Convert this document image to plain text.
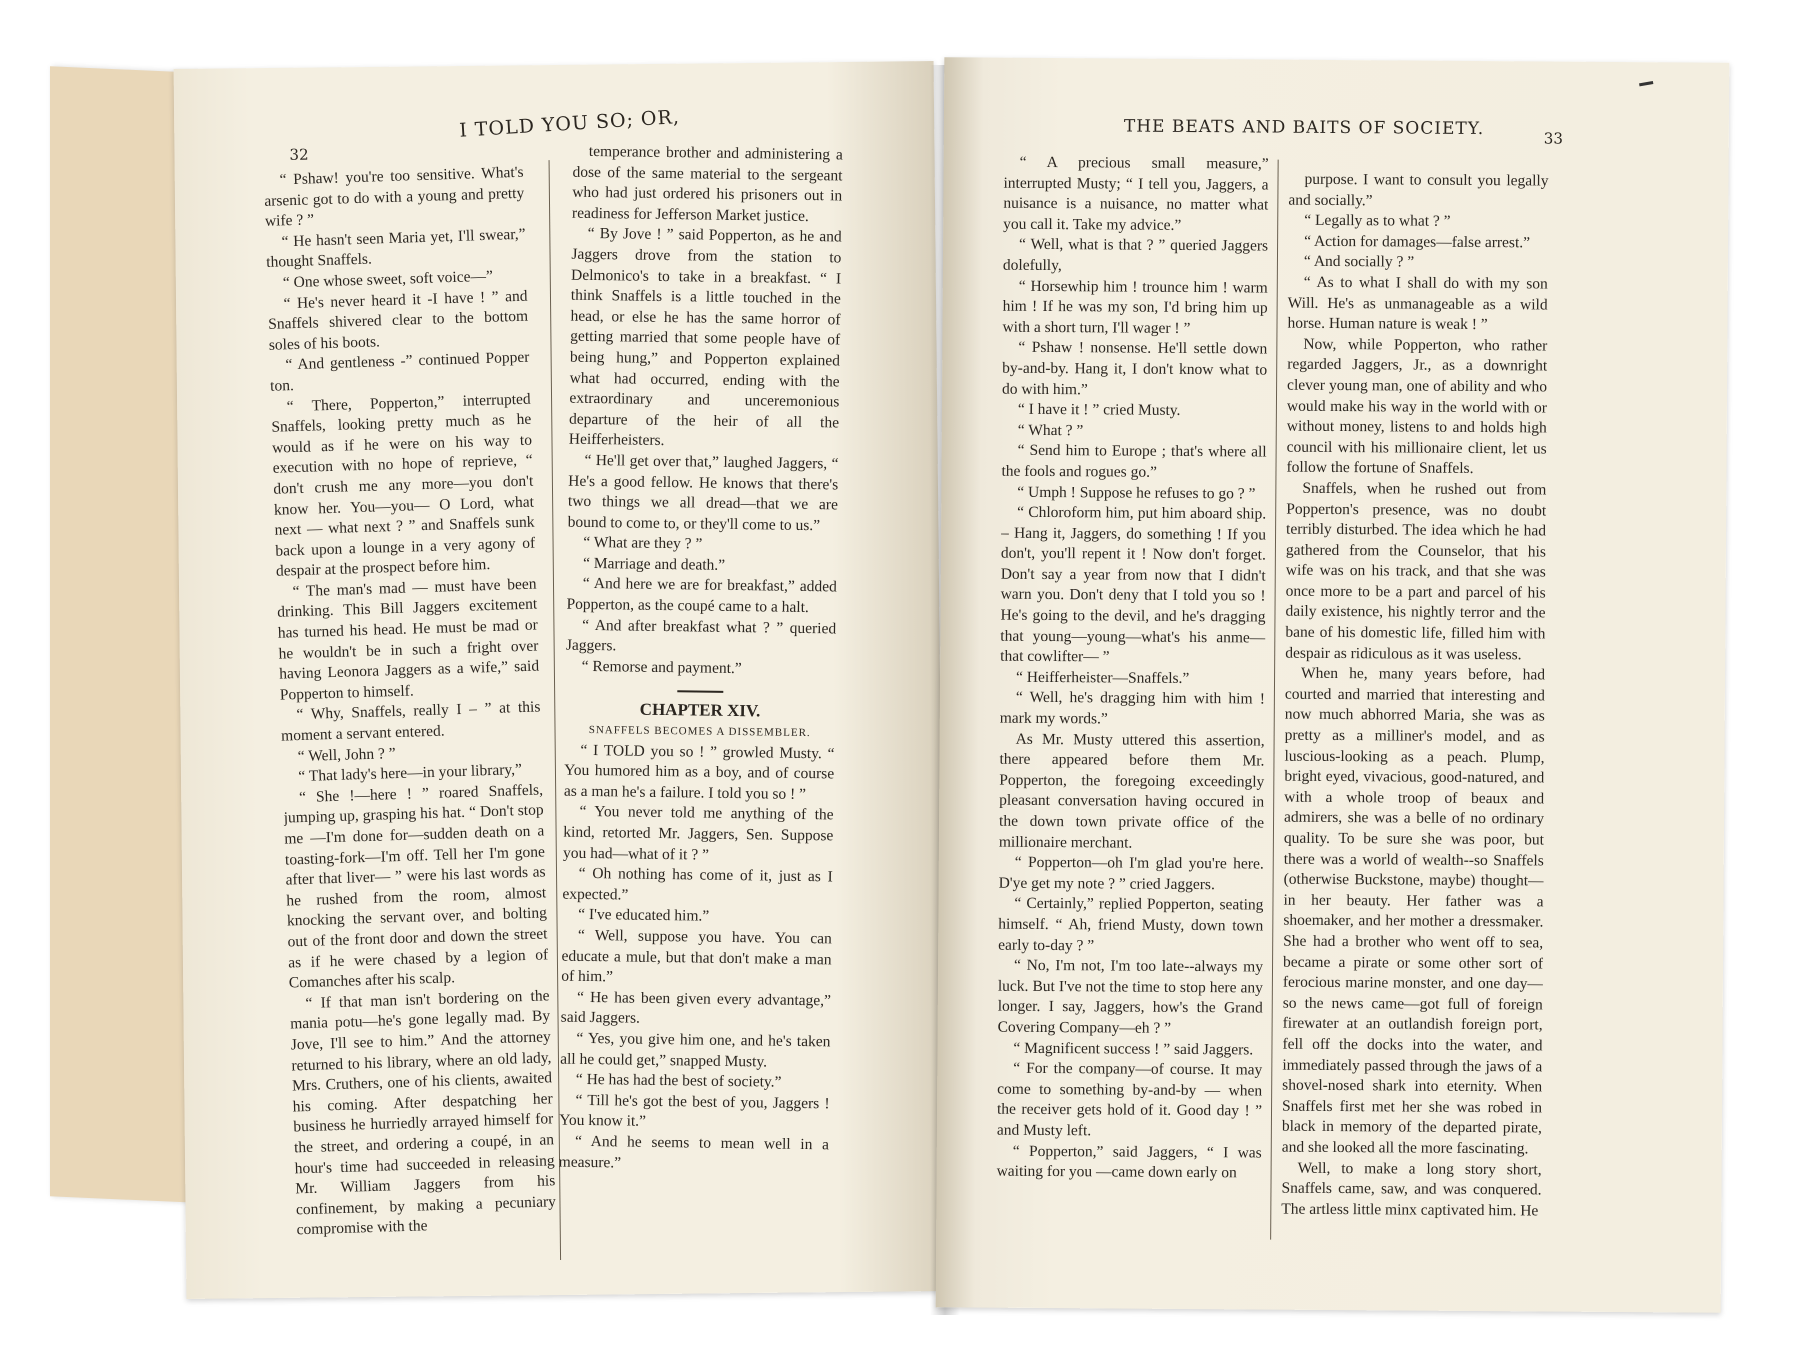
I TOLD YOU SO; OR,
32

“ Pshaw! you're too sensitive. What's arsenic got to do with a young and pretty wife ? ”

“ He hasn't seen Maria yet, I'll swear,” thought Snaffels.

“ One whose sweet, soft voice—”

“ He's never heard it -I have ! ” and Snaffels shivered clear to the bottom soles of his boots.

“ And gentleness -” continued Popper ton.

“ There, Popperton,” interrupted Snaffels, looking pretty much as he would as if he were on his way to execution with no hope of reprieve, “ don't crush me any more—you don't know her. You—you— O Lord, what next — what next ? ” and Snaffels sunk back upon a lounge in a very agony of despair at the prospect before him.

“ The man's mad — must have been drinking. This Bill Jaggers excitement has turned his head. He must be mad or he wouldn't be in such a fright over having Leonora Jaggers as a wife,” said Popperton to himself.

“ Why, Snaffels, really I – ” at this moment a servant entered.

“ Well, John ? ”

“ That lady's here—in your library,”

“ She !—here ! ” roared Snaffels, jumping up, grasping his hat. “ Don't stop me —I'm done for—sudden death on a toasting-fork—I'm off. Tell her I'm gone after that liver— ” were his last words as he rushed from the room, almost knocking the servant over, and bolting out of the front door and down the street as if he were chased by a legion of Comanches after his scalp.

“ If that man isn't bordering on the mania potu—he's gone legally mad. By Jove, I'll see to him.” And the attorney returned to his library, where an old lady, Mrs. Cruthers, one of his clients, awaited his coming. After despatching her business he hurriedly arrayed himself for the street, and ordering a coupé, in an hour's time had succeeded in releasing Mr. William Jaggers from his confinement, by making a pecuniary compromise with the

temperance brother and administering a dose of the same material to the sergeant who had just ordered his prisoners out in readiness for Jefferson Market justice.

“ By Jove ! ” said Popperton, as he and Jaggers drove from the station to Delmonico's to take in a breakfast. “ I think Snaffels is a little touched in the head, or else he has the same horror of getting married that some people have of being hung,” and Popperton explained what had occurred, ending with the extraordinary and unceremonious departure of the heir of all the Heifferheisters.

“ He'll get over that,” laughed Jaggers, “ He's a good fellow. He knows that there's two things we all dread—that we are bound to come to, or they'll come to us.”

“ What are they ? ”

“ Marriage and death.”

“ And here we are for breakfast,” added Popperton, as the coupé came to a halt.

“ And after breakfast what ? ” queried Jaggers.

“ Remorse and payment.”

CHAPTER XIV.

SNAFFELS BECOMES A DISSEMBLER.

“ I TOLD you so ! ” growled Musty. “ You humored him as a boy, and of course as a man he's a failure. I told you so ! ”

“ You never told me anything of the kind, retorted Mr. Jaggers, Sen. Suppose you had—what of it ? ”

“ Oh nothing has come of it, just as I expected.”

“ I've educated him.”

“ Well, suppose you have. You can educate a mule, but that don't make a man of him.”

“ He has been given every advantage,” said Jaggers.

“ Yes, you give him one, and he's taken all he could get,” snapped Musty.

“ He has had the best of society.”

“ Till he's got the best of you, Jaggers ! You know it.”

“ And he seems to mean well in a measure.”

THE BEATS AND BAITS OF SOCIETY.	33

“ A precious small measure,” interrupted Musty; “ I tell you, Jaggers, a nuisance is a nuisance, no matter what you call it. Take my advice.”

“ Well, what is that ? ” queried Jaggers dolefully,

“ Horsewhip him ! trounce him ! warm him ! If he was my son, I'd bring him up with a short turn, I'll wager ! ”

“ Pshaw ! nonsense. He'll settle down by-and-by. Hang it, I don't know what to do with him.”

“ I have it ! ” cried Musty.

“ What ? ”

“ Send him to Europe ; that's where all the fools and rogues go.”

“ Umph ! Suppose he refuses to go ? ”

“ Chloroform him, put him aboard ship. – Hang it, Jaggers, do something ! If you don't, you'll repent it ! Now don't forget. Don't say a year from now that I didn't warn you. Don't deny that I told you so ! He's going to the devil, and he's dragging that young—young—what's his anme—that cowlifter— ”

“ Heifferheister—Snaffels.”

“ Well, he's dragging him with him ! mark my words.”

As Mr. Musty uttered this assertion, there appeared before them Mr. Popperton, the foregoing exceedingly pleasant conversation having occured in the down town private office of the millionaire merchant.

“ Popperton—oh I'm glad you're here. D'ye get my note ? ” cried Jaggers.

“ Certainly,” replied Popperton, seating himself. “ Ah, friend Musty, down town early to-day ? ”

“ No, I'm not, I'm too late--always my luck. But I've not the time to stop here any longer. I say, Jaggers, how's the Grand Covering Company—eh ? ”

“ Magnificent success ! ” said Jaggers.

“ For the company—of course. It may come to something by-and-by — when the receiver gets hold of it. Good day ! ” and Musty left.

“ Popperton,” said Jaggers, “ I was waiting for you —came down early on

purpose. I want to consult you legally and socially.”

“ Legally as to what ? ”

“ Action for damages—false arrest.”

“ And socially ? ”

“ As to what I shall do with my son Will. He's as unmanageable as a wild horse. Human nature is weak ! ”

Now, while Popperton, who rather regarded Jaggers, Jr., as a downright clever young man, one of ability and who would make his way in the world with or without money, listens to and holds high council with his millionaire client, let us follow the fortune of Snaffels.

Snaffels, when he rushed out from Popperton's presence, was no doubt terribly disturbed. The idea which he had gathered from the Counselor, that his wife was on his track, and that she was once more to be a part and parcel of his daily existence, his nightly terror and the bane of his domestic life, filled him with despair as ridiculous as it was useless.

When he, many years before, had courted and married that interesting and now much abhorred Maria, she was as pretty as a milliner's model, and as luscious-looking as a peach. Plump, bright eyed, vivacious, good-natured, and with a whole troop of beaux and admirers, she was a belle of no ordinary quality. To be sure she was poor, but there was a world of wealth--so Snaffels (otherwise Buckstone, maybe) thought—in her beauty. Her father was a shoemaker, and her mother a dressmaker. She had a brother who went off to sea, became a pirate or some other sort of ferocious marine monster, and one day—so the news came—got full of foreign firewater at an outlandish foreign port, fell off the docks into the water, and immediately passed through the jaws of a shovel-nosed shark into eternity. When Snaffels first met her she was robed in black in memory of the departed pirate, and she looked all the more fascinating.

Well, to make a long story short, Snaffels came, saw, and was conquered. The artless little minx captivated him. He
